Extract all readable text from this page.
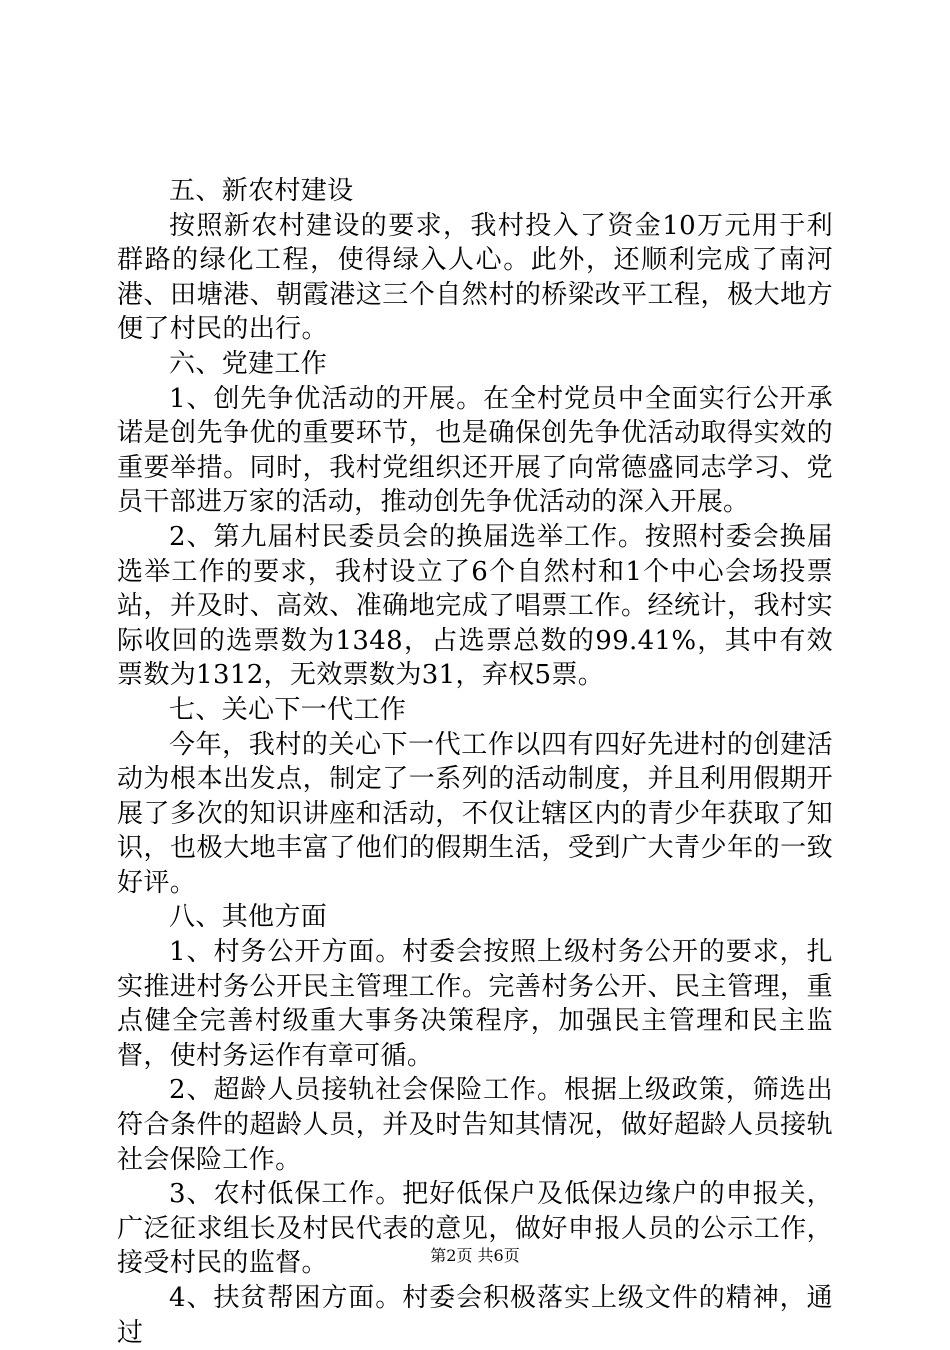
五、新农村建设

按照新农村建设的要求，我村投入了资金10万元用于利群路的绿化工程，使得绿入人心。此外，还顺利完成了南河港、田塘港、朝霞港这三个自然村的桥梁改平工程，极大地方便了村民的出行。

六、党建工作

1、创先争优活动的开展。在全村党员中全面实行公开承诺是创先争优的重要环节，也是确保创先争优活动取得实效的重要举措。同时，我村党组织还开展了向常德盛同志学习、党员干部进万家的活动，推动创先争优活动的深入开展。

2、第九届村民委员会的换届选举工作。按照村委会换届选举工作的要求，我村设立了6个自然村和1个中心会场投票站，并及时、高效、准确地完成了唱票工作。经统计，我村实际收回的选票数为1348，占选票总数的99.41%，其中有效票数为1312，无效票数为31，弃权5票。

七、关心下一代工作

今年，我村的关心下一代工作以四有四好先进村的创建活动为根本出发点，制定了一系列的活动制度，并且利用假期开展了多次的知识讲座和活动，不仅让辖区内的青少年获取了知识，也极大地丰富了他们的假期生活，受到广大青少年的一致好评。

八、其他方面

1、村务公开方面。村委会按照上级村务公开的要求，扎实推进村务公开民主管理工作。完善村务公开、民主管理，重点健全完善村级重大事务决策程序，加强民主管理和民主监督，使村务运作有章可循。

2、超龄人员接轨社会保险工作。根据上级政策，筛选出符合条件的超龄人员，并及时告知其情况，做好超龄人员接轨社会保险工作。

3、农村低保工作。把好低保户及低保边缘户的申报关，广泛征求组长及村民代表的意见，做好申报人员的公示工作，接受村民的监督。

4、扶贫帮困方面。村委会积极落实上级文件的精神，通过

第2页 共6页
